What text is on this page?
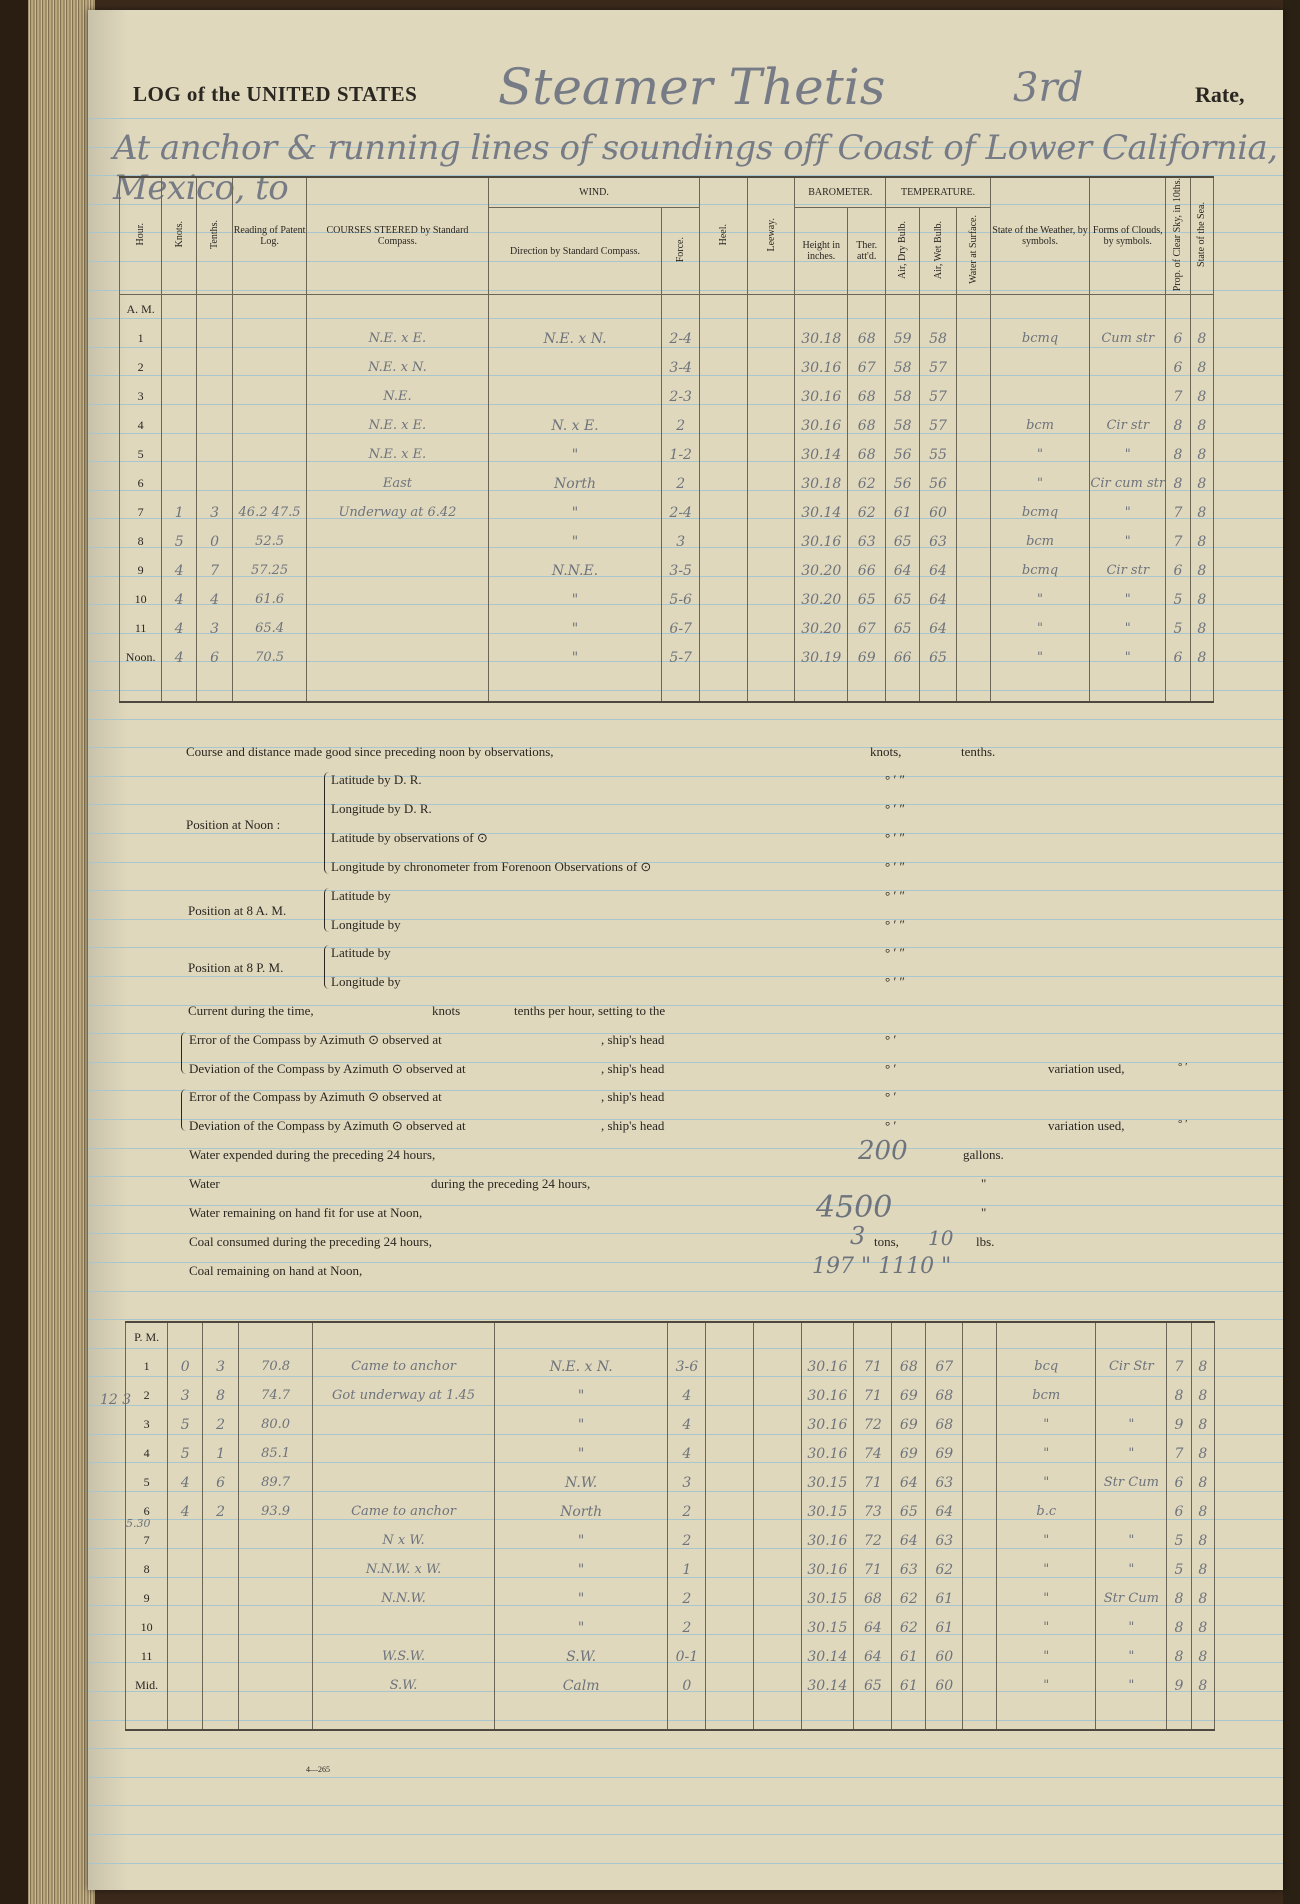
LOG of the UNITED STATES Steamer Thetis	3rd	Rate,
At anchor & running lines of soundings off Coast of Lower California, Mexico, to
Hour.	Knots.	Tenths.	Reading of Patent Log.	COURSES STEERED by Standard Compass.	WIND.		Heel.	Leeway.	BAROMETER.		TEMPERATURE.			State of the Weather, by symbols.	Forms of Clouds, by symbols.	Prop. of Clear Sky, in 10ths.	State of the Sea.
					Direction by Standard Compass.	Force.			Height in inches.	Ther. att'd.	Air, Dry Bulb.	Air, Wet Bulb.	Water at Surface.				
A. M.																	
1				N.E. x E.	N.E. x N.	2-4			30.18	68	59	58		bcmq	Cum str	6	8
2				N.E. x N.		3-4			30.16	67	58	57				6	8
3				N.E.		2-3			30.16	68	58	57				7	8
4				N.E. x E.	N. x E.	2			30.16	68	58	57		bcm	Cir str	8	8
5				N.E. x E.	"	1-2			30.14	68	56	55		"	"	8	8
6				East	North	2			30.18	62	56	56		"	Cir cum str	8	8
7	1	3	46.2 47.5	Underway at 6.42	"	2-4			30.14	62	61	60		bcmq	"	7	8
8	5	0	52.5		"	3			30.16	63	65	63		bcm	"	7	8
9	4	7	57.25		N.N.E.	3-5			30.20	66	64	64		bcmq	Cir str	6	8
10	4	4	61.6		"	5-6			30.20	65	65	64		"	"	5	8
11	4	3	65.4		"	6-7			30.20	67	65	64		"	"	5	8
Noon.	4	6	70.5		"	5-7			30.19	69	66	65		"	"	6	8

Course and distance made good since preceding noon by observations,	knots,	tenths.
Position at Noon :
Latitude by D. R.
Longitude by D. R.
Latitude by observations of ⊙
Longitude by chronometer from Forenoon Observations of ⊙
° ′ ″
° ′ ″
° ′ ″
° ′ ″
Position at 8 A. M.
Latitude by
Longitude by
° ′ ″
° ′ ″
Position at 8 P. M.
Latitude by
Longitude by
° ′ ″
° ′ ″
Current during the time,	knots	tenths per hour, setting to the
Error of the Compass by Azimuth ⊙ observed at	, ship's head	° ′
Deviation of the Compass by Azimuth ⊙ observed at	, ship's head	° ′	variation used,	° ′
Error of the Compass by Azimuth ⊙ observed at	, ship's head	° ′
Deviation of the Compass by Azimuth ⊙ observed at	, ship's head	° ′	variation used,	° ′
Water expended during the preceding 24 hours,	200	gallons.
Water	during the preceding 24 hours,	"
Water remaining on hand fit for use at Noon,	4500	"
Coal consumed during the preceding 24 hours,	3 tons, 10 lbs.
Coal remaining on hand at Noon,	197 " 1110 "
P. M.																	
1	0	3	70.8	Came to anchor	N.E. x N.	3-6			30.16	71	68	67		bcq	Cir Str	7	8
2	3	8	74.7	Got underway at 1.45	"	4			30.16	71	69	68		bcm		8	8
3	5	2	80.0		"	4			30.16	72	69	68		"	"	9	8
4	5	1	85.1		"	4			30.16	74	69	69		"	"	7	8
5	4	6	89.7		N.W.	3			30.15	71	64	63		"	Str Cum	6	8
6	4	2	93.9	Came to anchor	North	2			30.15	73	65	64		b.c		6	8
7				N x W.	"	2			30.16	72	64	63		"	"	5	8
8				N.N.W. x W.	"	1			30.16	71	63	62		"	"	5	8
9				N.N.W.	"	2			30.15	68	62	61		"	Str Cum	8	8
10					"	2			30.15	64	62	61		"	"	8	8
11				W.S.W.	S.W.	0-1			30.14	64	61	60		"	"	8	8
Mid.				S.W.	Calm	0			30.14	65	61	60		"	"	9	8

12 3
5.30
4—265
